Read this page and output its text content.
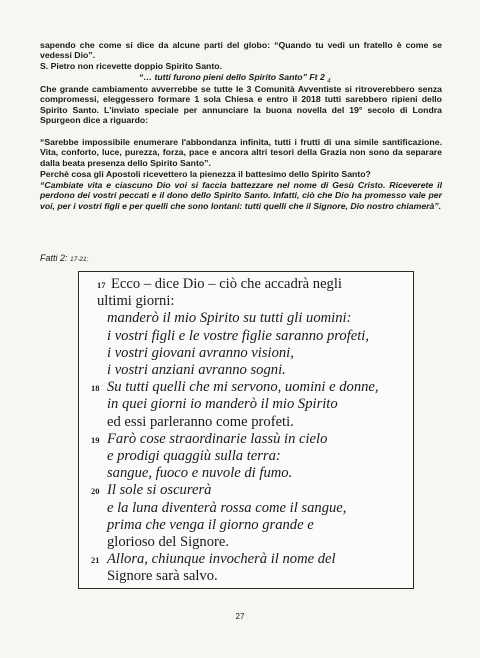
sapendo che come si dice da alcune parti del globo: “Quando tu vedi un fratello è come se vedessi Dio”.

S. Pietro non ricevette doppio Spirito Santo.

“… tutti furono pieni dello Spirito Santo” Ft 2 $_4$

Che grande cambiamento avverrebbe se tutte le 3 Comunità Avventiste si ritroverebbero senza compromessi, eleggessero formare 1 sola Chiesa e entro il 2018 tutti sarebbero ripieni dello Spirito Santo. L'inviato speciale per annunciare la buona novella del 19° secolo di Londra Spurgeon dice a riguardo:

“Sarebbe impossibile enumerare l'abbondanza infinita, tutti i frutti di una simile santificazione. Vita, conforto, luce, purezza, forza, pace e ancora altri tesori della Grazia non sono da separare dalla beata presenza dello Spirito Santo”.

Perchè cosa gli Apostoli ricevettero la pienezza il battesimo dello Spirito Santo?

“Cambiate vita e ciascuno Dio voi si faccia battezzare nel nome di Gesù Cristo. Riceverete il perdono dei vostri peccati e il dono dello Spirito Santo. Infatti, ciò che Dio ha promesso vale per voi, per i vostri figli e per quelli che sono lontani: tutti quelli che il Signore, Dio nostro chiamerà”.

Fatti 2: 17-21:

17 Ecco – dice Dio – ciò che accadrà negli
ultimi giorni:
manderò il mio Spirito su tutti gli uomini:
i vostri figli e le vostre figlie saranno profeti,
i vostri giovani avranno visioni,
i vostri anziani avranno sogni.
18 Su tutti quelli che mi servono, uomini e donne,
in quei giorni io manderò il mio Spirito
ed essi parleranno come profeti.
19 Farò cose straordinarie lassù in cielo
e prodigi quaggiù sulla terra:
sangue, fuoco e nuvole di fumo.
20 Il sole si oscurerà
e la luna diventerà rossa come il sangue,
prima che venga il giorno grande e
glorioso del Signore.
21 Allora, chiunque invocherà il nome del
Signore sarà salvo.
27
